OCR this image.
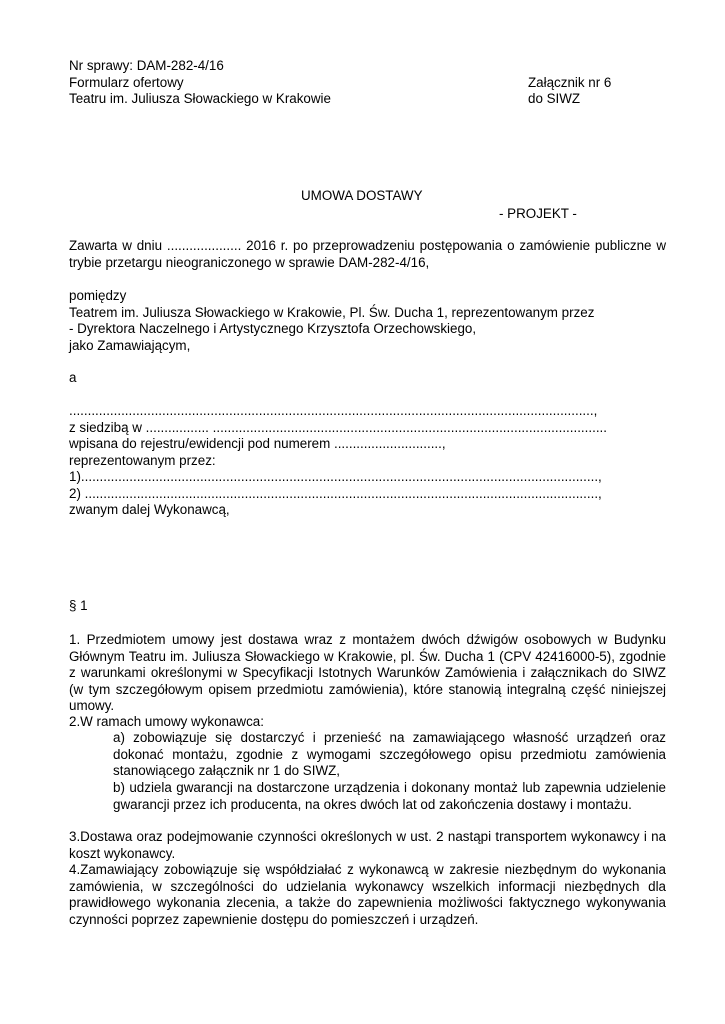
Nr sprawy: DAM-282-4/16
Formularz ofertowy
Teatru im. Juliusza Słowackiego w Krakowie
Załącznik nr 6
do SIWZ
UMOWA DOSTAWY
- PROJEKT -
Zawarta w dniu .................... 2016 r. po przeprowadzeniu postępowania o zamówienie publiczne w trybie przetargu nieograniczonego w sprawie DAM-282-4/16,

pomiędzy

Teatrem im. Juliusza Słowackiego w Krakowie, Pl. Św. Ducha 1, reprezentowanym przez

- Dyrektora Naczelnego i Artystycznego Krzysztofa Orzechowskiego,

jako Zamawiającym,

a
.............................................................................................................................................,
z siedzibą w ................. ..........................................................................................................
wpisana do rejestru/ewidencji pod numerem .............................,
reprezentowanym przez:
1)...........................................................................................................................................,
2) ..........................................................................................................................................,
zwanym dalej Wykonawcą,
§ 1
1. Przedmiotem umowy jest dostawa wraz z montażem dwóch dźwigów osobowych w Budynku Głównym Teatru im. Juliusza Słowackiego w Krakowie, pl. Św. Ducha 1 (CPV 42416000-5), zgodnie z warunkami określonymi w Specyfikacji Istotnych Warunków Zamówienia i załącznikach do SIWZ (w tym szczegółowym opisem przedmiotu zamówienia), które stanowią integralną część niniejszej umowy.
2.W ramach umowy wykonawca:
a) zobowiązuje się dostarczyć i przenieść na zamawiającego własność urządzeń oraz dokonać montażu, zgodnie z wymogami szczegółowego opisu przedmiotu zamówienia stanowiącego załącznik nr 1 do SIWZ,
b) udziela gwarancji na dostarczone urządzenia i dokonany montaż lub zapewnia udzielenie gwarancji przez ich producenta, na okres dwóch lat od zakończenia dostawy i montażu.
3.Dostawa oraz podejmowanie czynności określonych w ust. 2 nastąpi transportem wykonawcy i na koszt wykonawcy.
4.Zamawiający zobowiązuje się współdziałać z wykonawcą w zakresie niezbędnym do wykonania zamówienia, w szczególności do udzielania wykonawcy wszelkich informacji niezbędnych dla prawidłowego wykonania zlecenia, a także do zapewnienia możliwości faktycznego wykonywania czynności poprzez zapewnienie dostępu do pomieszczeń i urządzeń.
